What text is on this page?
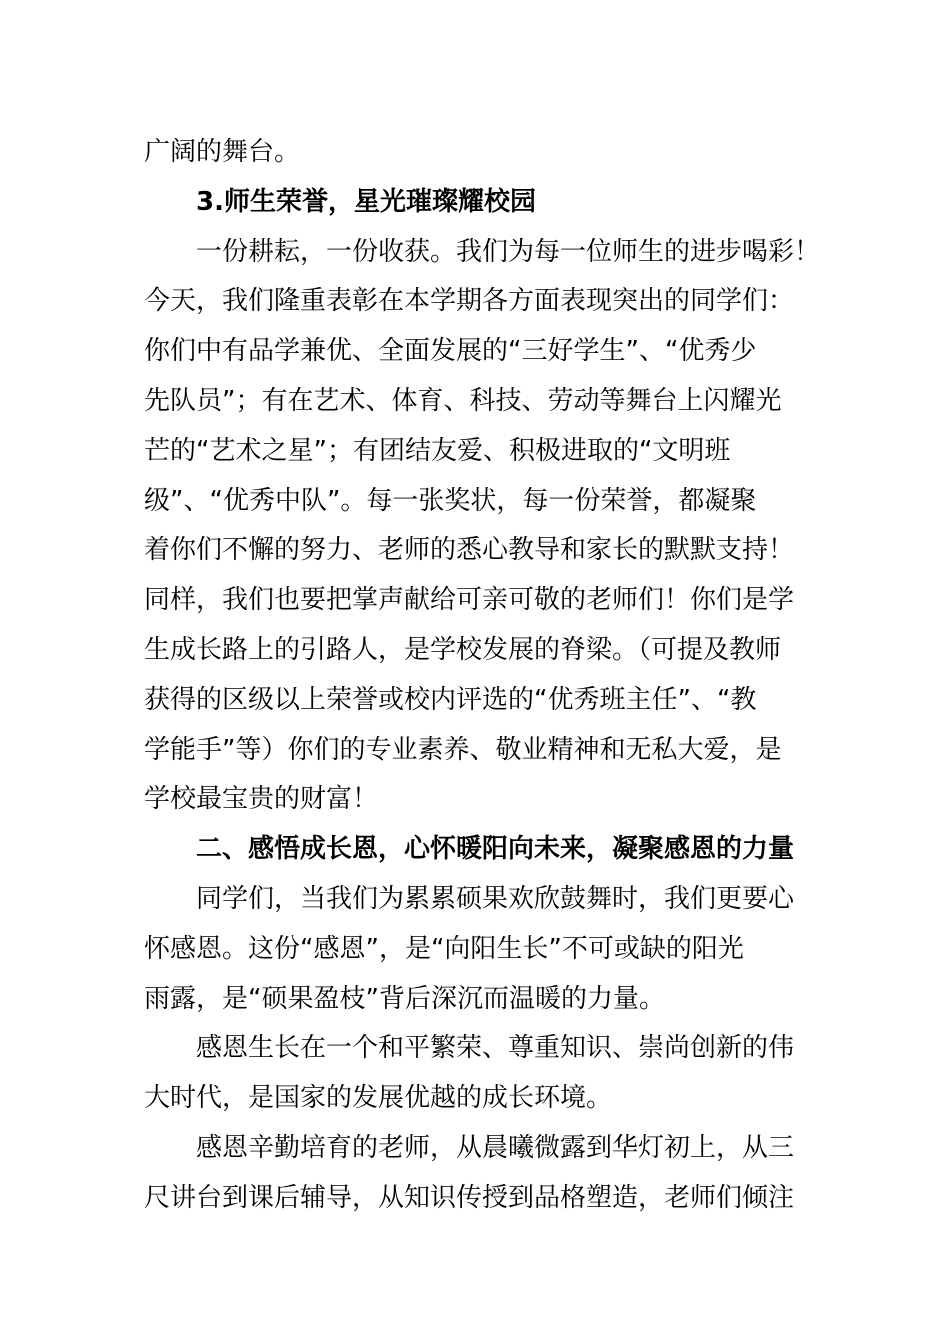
广阔的舞台。
3.师生荣誉，星光璀璨耀校园
一份耕耘，一份收获。我们为每一位师生的进步喝彩！
今天，我们隆重表彰在本学期各方面表现突出的同学们：
你们中有品学兼优、全面发展的“三好学生”、“优秀少
先队员”；有在艺术、体育、科技、劳动等舞台上闪耀光
芒的“艺术之星”；有团结友爱、积极进取的“文明班
级”、“优秀中队”。每一张奖状，每一份荣誉，都凝聚
着你们不懈的努力、老师的悉心教导和家长的默默支持！
同样，我们也要把掌声献给可亲可敬的老师们！你们是学
生成长路上的引路人，是学校发展的脊梁。（可提及教师
获得的区级以上荣誉或校内评选的“优秀班主任”、“教
学能手”等）你们的专业素养、敬业精神和无私大爱，是
学校最宝贵的财富！
二、感悟成长恩，心怀暖阳向未来，凝聚感恩的力量
同学们，当我们为累累硕果欢欣鼓舞时，我们更要心
怀感恩。这份“感恩”，是“向阳生长”不可或缺的阳光
雨露，是“硕果盈枝”背后深沉而温暖的力量。
感恩生长在一个和平繁荣、尊重知识、崇尚创新的伟
大时代，是国家的发展优越的成长环境。
感恩辛勤培育的老师，从晨曦微露到华灯初上，从三
尺讲台到课后辅导，从知识传授到品格塑造，老师们倾注
